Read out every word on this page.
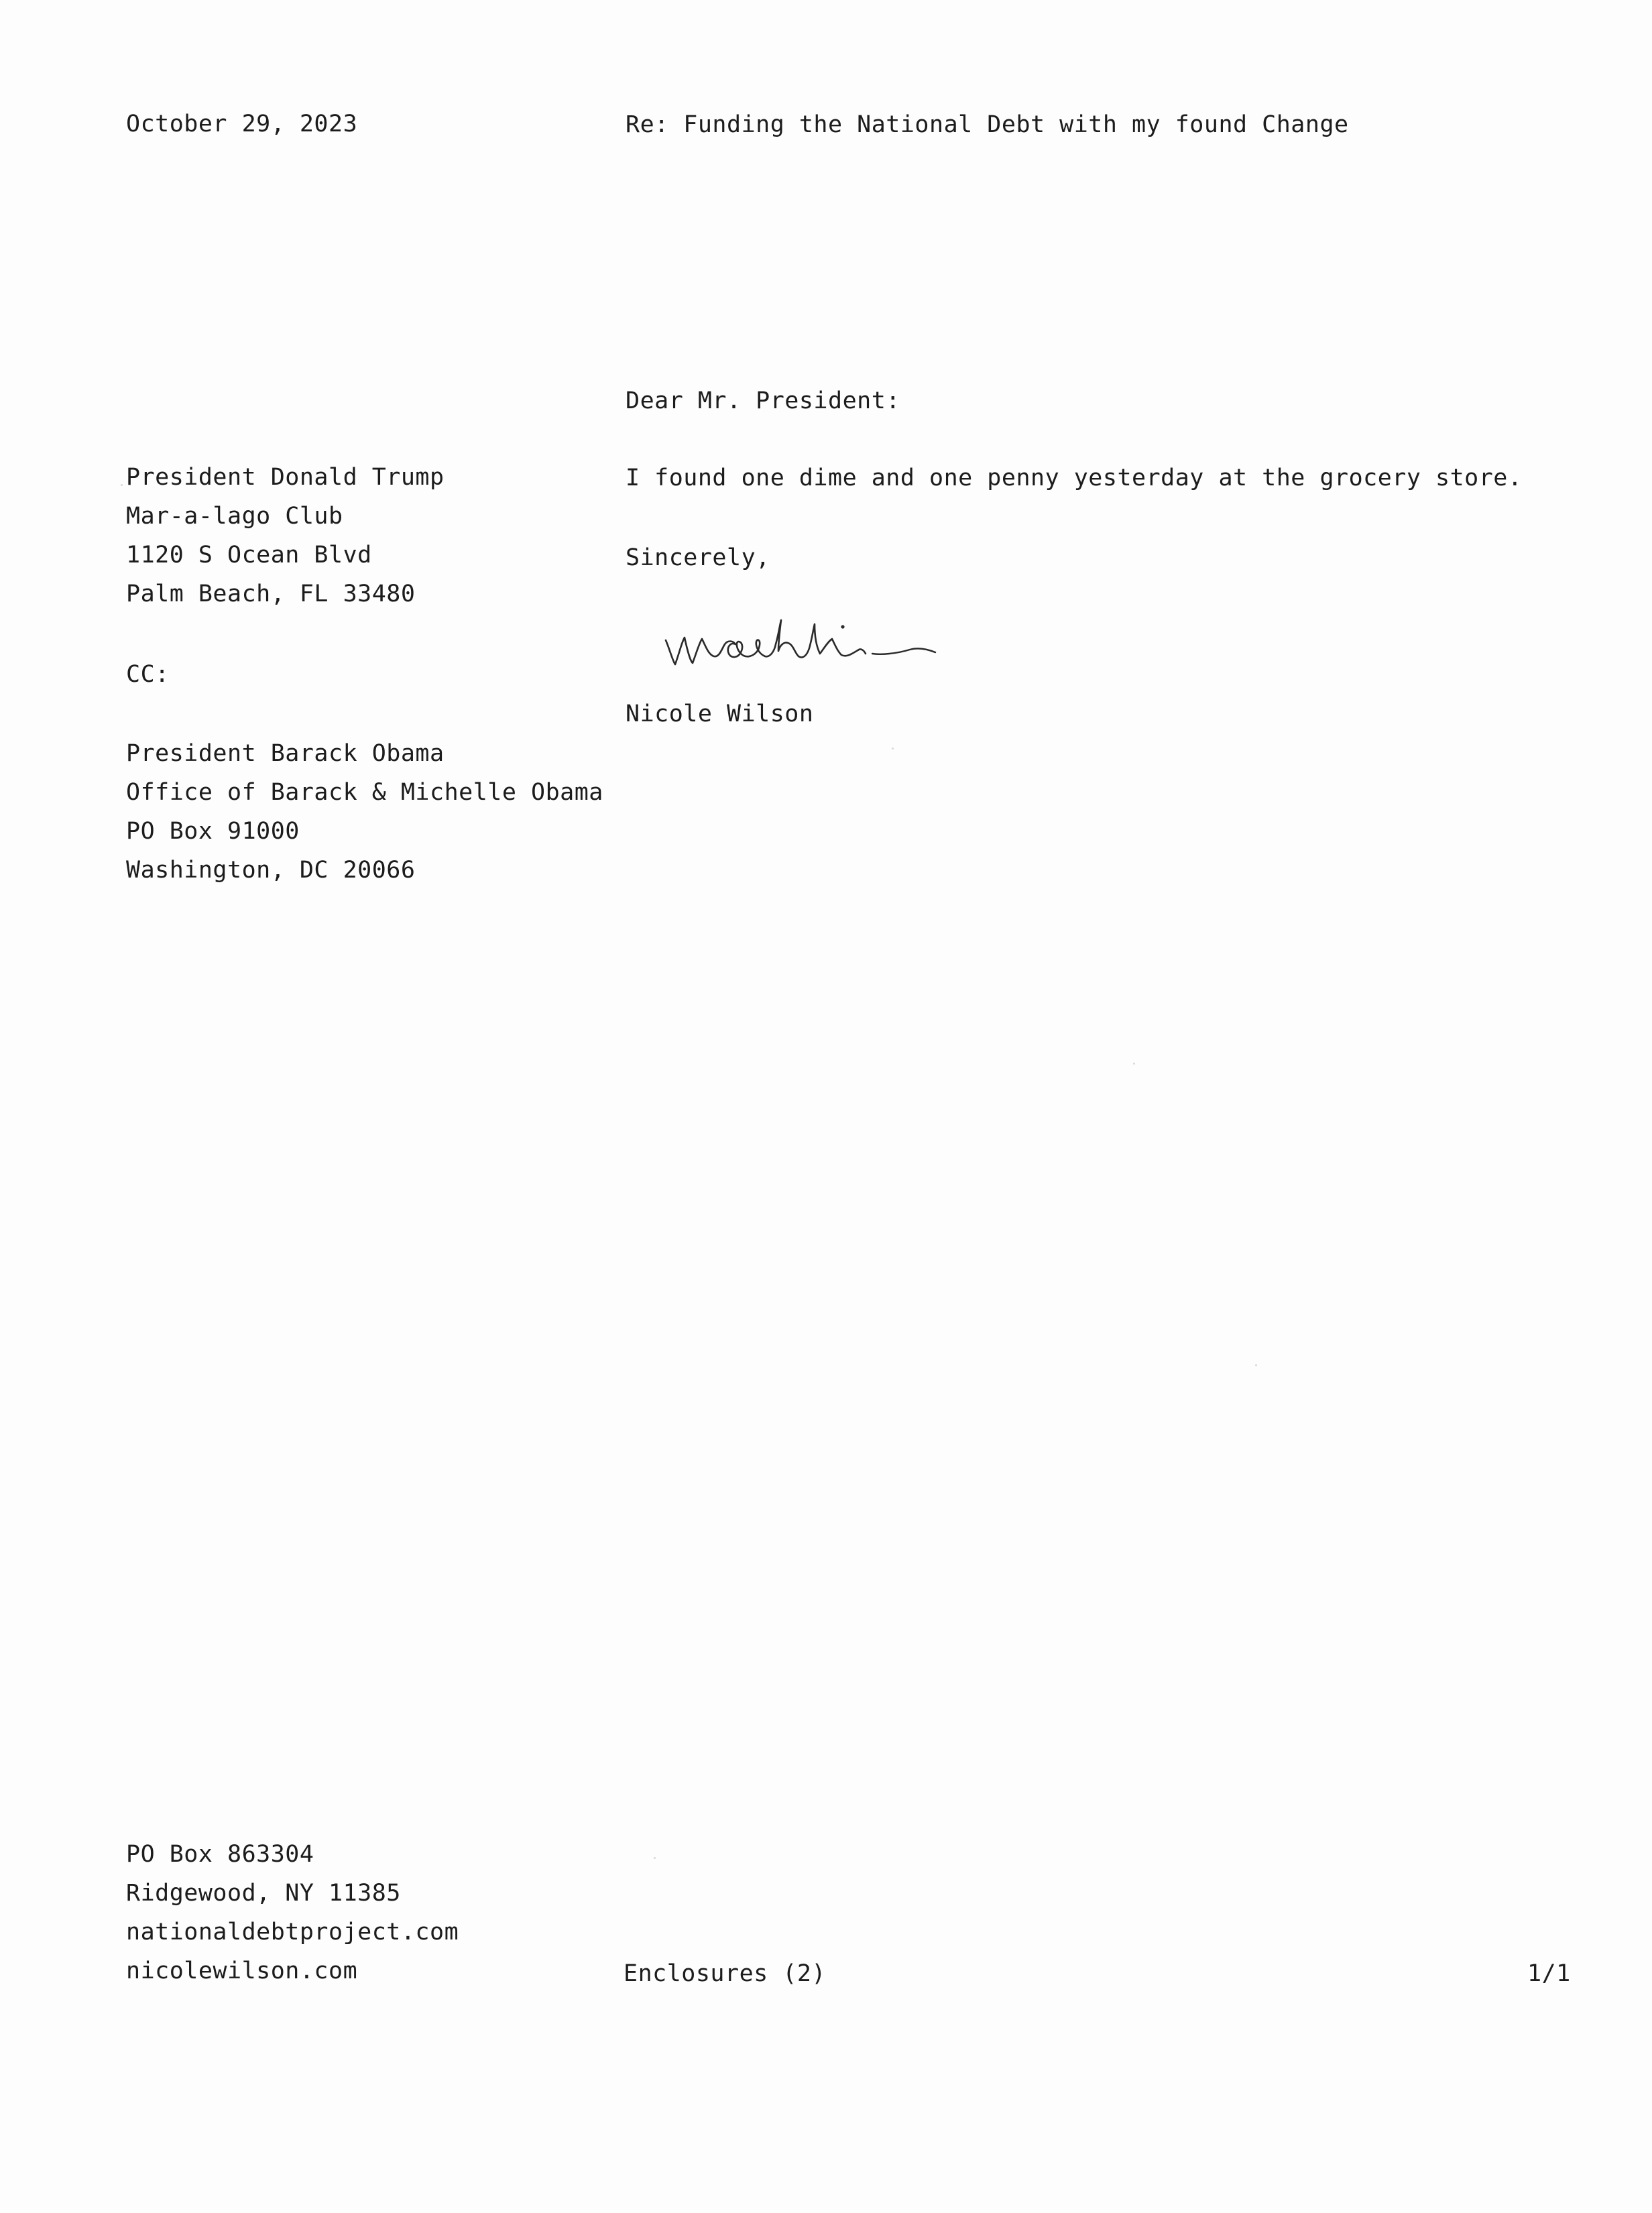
October 29, 2023	Re: Funding the National Debt with my found Change
Dear Mr. President:
I found one dime and one penny yesterday at the grocery store.
Sincerely,
Nicole Wilson
President Donald Trump
Mar-a-lago Club
1120 S Ocean Blvd
Palm Beach, FL 33480
CC:
President Barack Obama
Office of Barack & Michelle Obama
PO Box 91000
Washington, DC 20066
PO Box 863304
Ridgewood, NY 11385
nationaldebtproject.com
nicolewilson.com	Enclosures (2)	1/1
